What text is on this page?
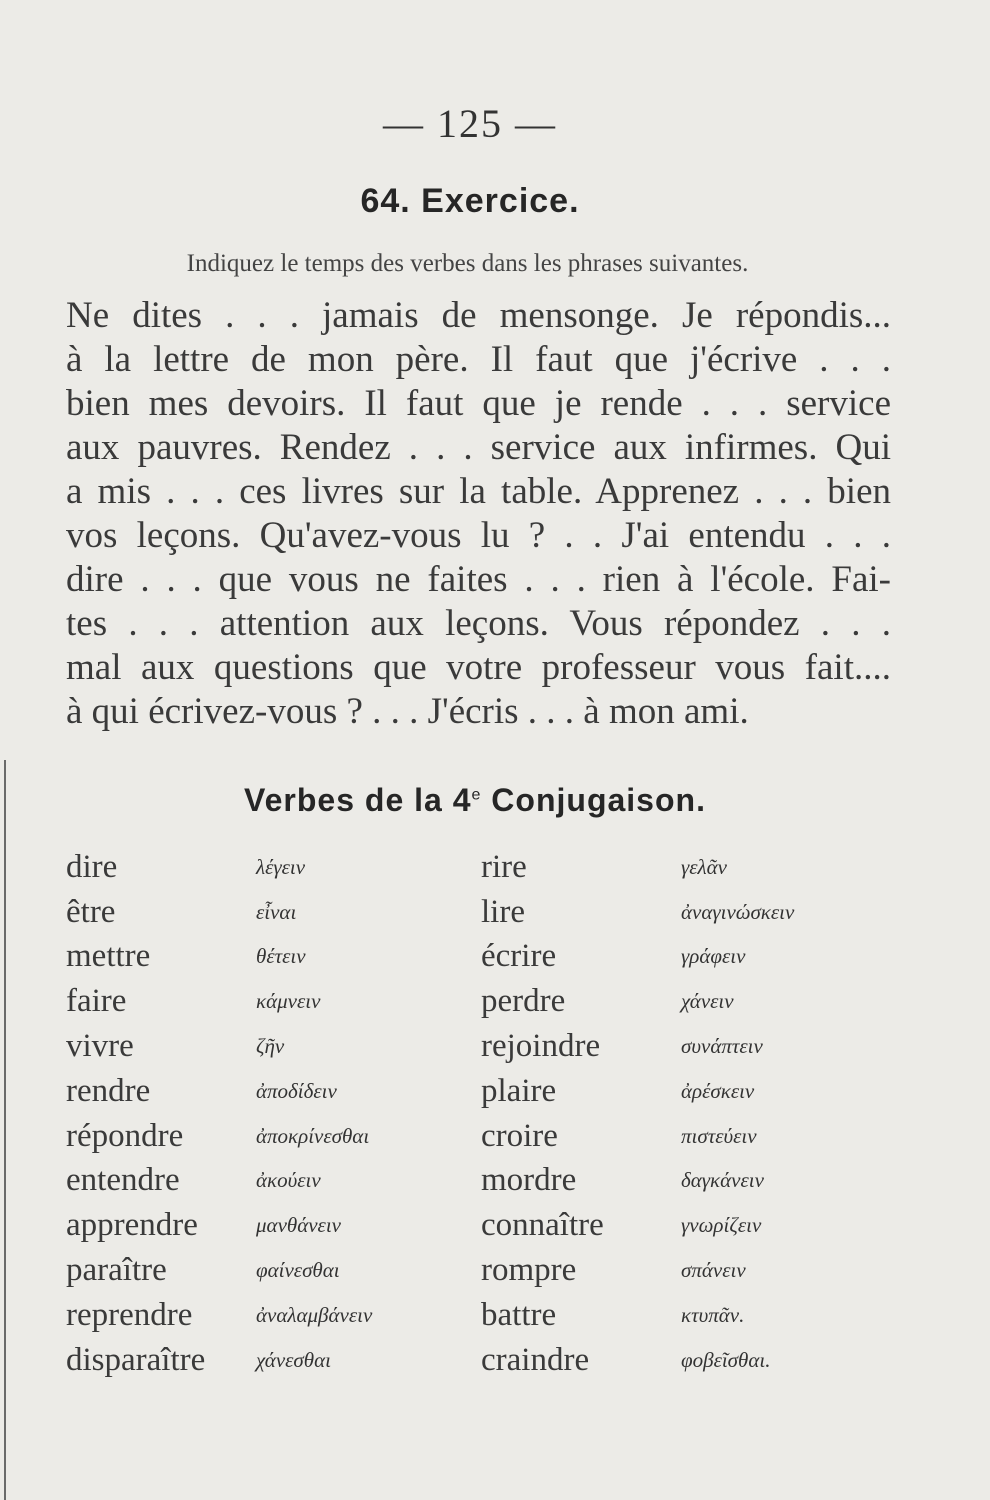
— 125 —
64. Exercice.
Indiquez le temps des verbes dans les phrases suivantes.
Ne dites . . . jamais de mensonge. Je répondis...
à la lettre de mon père. Il faut que j'écrive . . .
bien mes devoirs. Il faut que je rende . . . service
aux pauvres. Rendez . . . service aux infirmes. Qui
a mis . . . ces livres sur la table. Apprenez . . . bien
vos leçons. Qu'avez-vous lu ? . . J'ai entendu . . .
dire . . . que vous ne faites . . . rien à l'école. Fai-
tes . . . attention aux leçons. Vous répondez . . .
mal aux questions que votre professeur vous fait....
à qui écrivez-vous ? . . . J'écris . . . à mon ami.
Verbes de la 4e Conjugaison.
dire	λέγειν	rire	γελᾶν
être	εἶναι	lire	ἀναγινώσκειν
mettre	θέτειν	écrire	γράφειν
faire	κάμνειν	perdre	χάνειν
vivre	ζῆν	rejoindre	συνάπτειν
rendre	ἀποδίδειν	plaire	ἀρέσκειν
répondre	ἀποκρίνεσθαι	croire	πιστεύειν
entendre	ἀκούειν	mordre	δαγκάνειν
apprendre	μανθάνειν	connaître	γνωρίζειν
paraître	φαίνεσθαι	rompre	σπάνειν
reprendre	ἀναλαμβάνειν	battre	κτυπᾶν.
disparaître	χάνεσθαι	craindre	φοβεῖσθαι.
